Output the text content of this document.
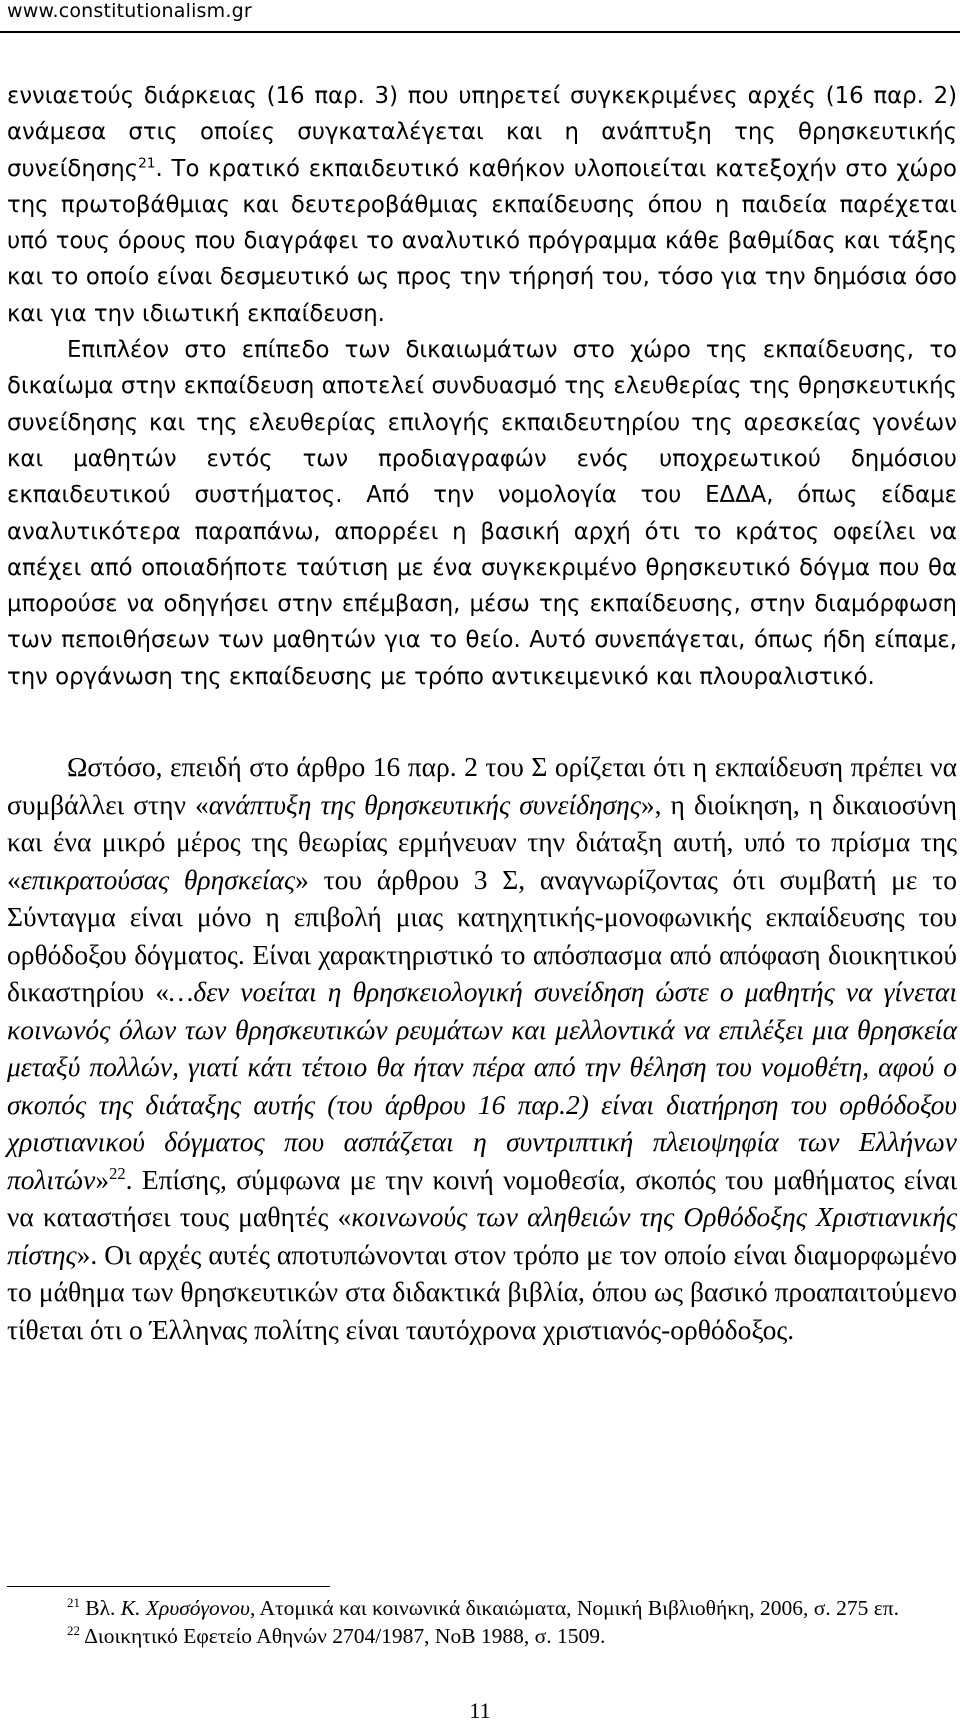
www.constitutionalism.gr

εννιαετούς διάρκειας (16 παρ. 3) που υπηρετεί συγκεκριμένες αρχές (16 παρ. 2) ανάμεσα στις οποίες συγκαταλέγεται και η ανάπτυξη της θρησκευτικής συνείδησης$^{21}$. Το κρατικό εκπαιδευτικό καθήκον υλοποιείται κατεξοχήν στο χώρο της πρωτοβάθμιας και δευτεροβάθμιας εκπαίδευσης όπου η παιδεία παρέχεται υπό τους όρους που διαγράφει το αναλυτικό πρόγραμμα κάθε βαθμίδας και τάξης και το οποίο είναι δεσμευτικό ως προς την τήρησή του, τόσο για την δημόσια όσο και για την ιδιωτική εκπαίδευση.

Επιπλέον στο επίπεδο των δικαιωμάτων στο χώρο της εκπαίδευσης, το δικαίωμα στην εκπαίδευση αποτελεί συνδυασμό της ελευθερίας της θρησκευτικής συνείδησης και της ελευθερίας επιλογής εκπαιδευτηρίου της αρεσκείας γονέων και μαθητών εντός των προδιαγραφών ενός υποχρεωτικού δημόσιου εκπαιδευτικού συστήματος. Από την νομολογία του ΕΔΔΑ, όπως είδαμε αναλυτικότερα παραπάνω, απορρέει η βασική αρχή ότι το κράτος οφείλει να απέχει από οποιαδήποτε ταύτιση με ένα συγκεκριμένο θρησκευτικό δόγμα που θα μπορούσε να οδηγήσει στην επέμβαση, μέσω της εκπαίδευσης, στην διαμόρφωση των πεποιθήσεων των μαθητών για το θείο. Αυτό συνεπάγεται, όπως ήδη είπαμε, την οργάνωση της εκπαίδευσης με τρόπο αντικειμενικό και πλουραλιστικό.

Ωστόσο, επειδή στο άρθρο 16 παρ. 2 του Σ ορίζεται ότι η εκπαίδευση πρέπει να συμβάλλει στην «ανάπτυξη της θρησκευτικής συνείδησης», η διοίκηση, η δικαιοσύνη και ένα μικρό μέρος της θεωρίας ερμήνευαν την διάταξη αυτή, υπό το πρίσμα της «επικρατούσας θρησκείας» του άρθρου 3 Σ, αναγνωρίζοντας ότι συμβατή με το Σύνταγμα είναι μόνο η επιβολή μιας κατηχητικής-μονοφωνικής εκπαίδευσης του ορθόδοξου δόγματος. Είναι χαρακτηριστικό το απόσπασμα από απόφαση διοικητικού δικαστηρίου «…δεν νοείται η θρησκειολογική συνείδηση ώστε ο μαθητής να γίνεται κοινωνός όλων των θρησκευτικών ρευμάτων και μελλοντικά να επιλέξει μια θρησκεία μεταξύ πολλών, γιατί κάτι τέτοιο θα ήταν πέρα από την θέληση του νομοθέτη, αφού ο σκοπός της διάταξης αυτής (του άρθρου 16 παρ.2) είναι διατήρηση του ορθόδοξου χριστιανικού δόγματος που ασπάζεται η συντριπτική πλειοψηφία των Ελλήνων πολιτών»$^{22}$. Επίσης, σύμφωνα με την κοινή νομοθεσία, σκοπός του μαθήματος είναι να καταστήσει τους μαθητές «κοινωνούς των αληθειών της Ορθόδοξης Χριστιανικής πίστης». Οι αρχές αυτές αποτυπώνονται στον τρόπο με τον οποίο είναι διαμορφωμένο το μάθημα των θρησκευτικών στα διδακτικά βιβλία, όπου ως βασικό προαπαιτούμενο τίθεται ότι ο Έλληνας πολίτης είναι ταυτόχρονα χριστιανός-ορθόδοξος.

$^{21}$ Βλ. Κ. Χρυσόγονου, Ατομικά και κοινωνικά δικαιώματα, Νομική Βιβλιοθήκη, 2006, σ. 275 επ.

$^{22}$ Διοικητικό Εφετείο Αθηνών 2704/1987, ΝοΒ 1988, σ. 1509.

11
